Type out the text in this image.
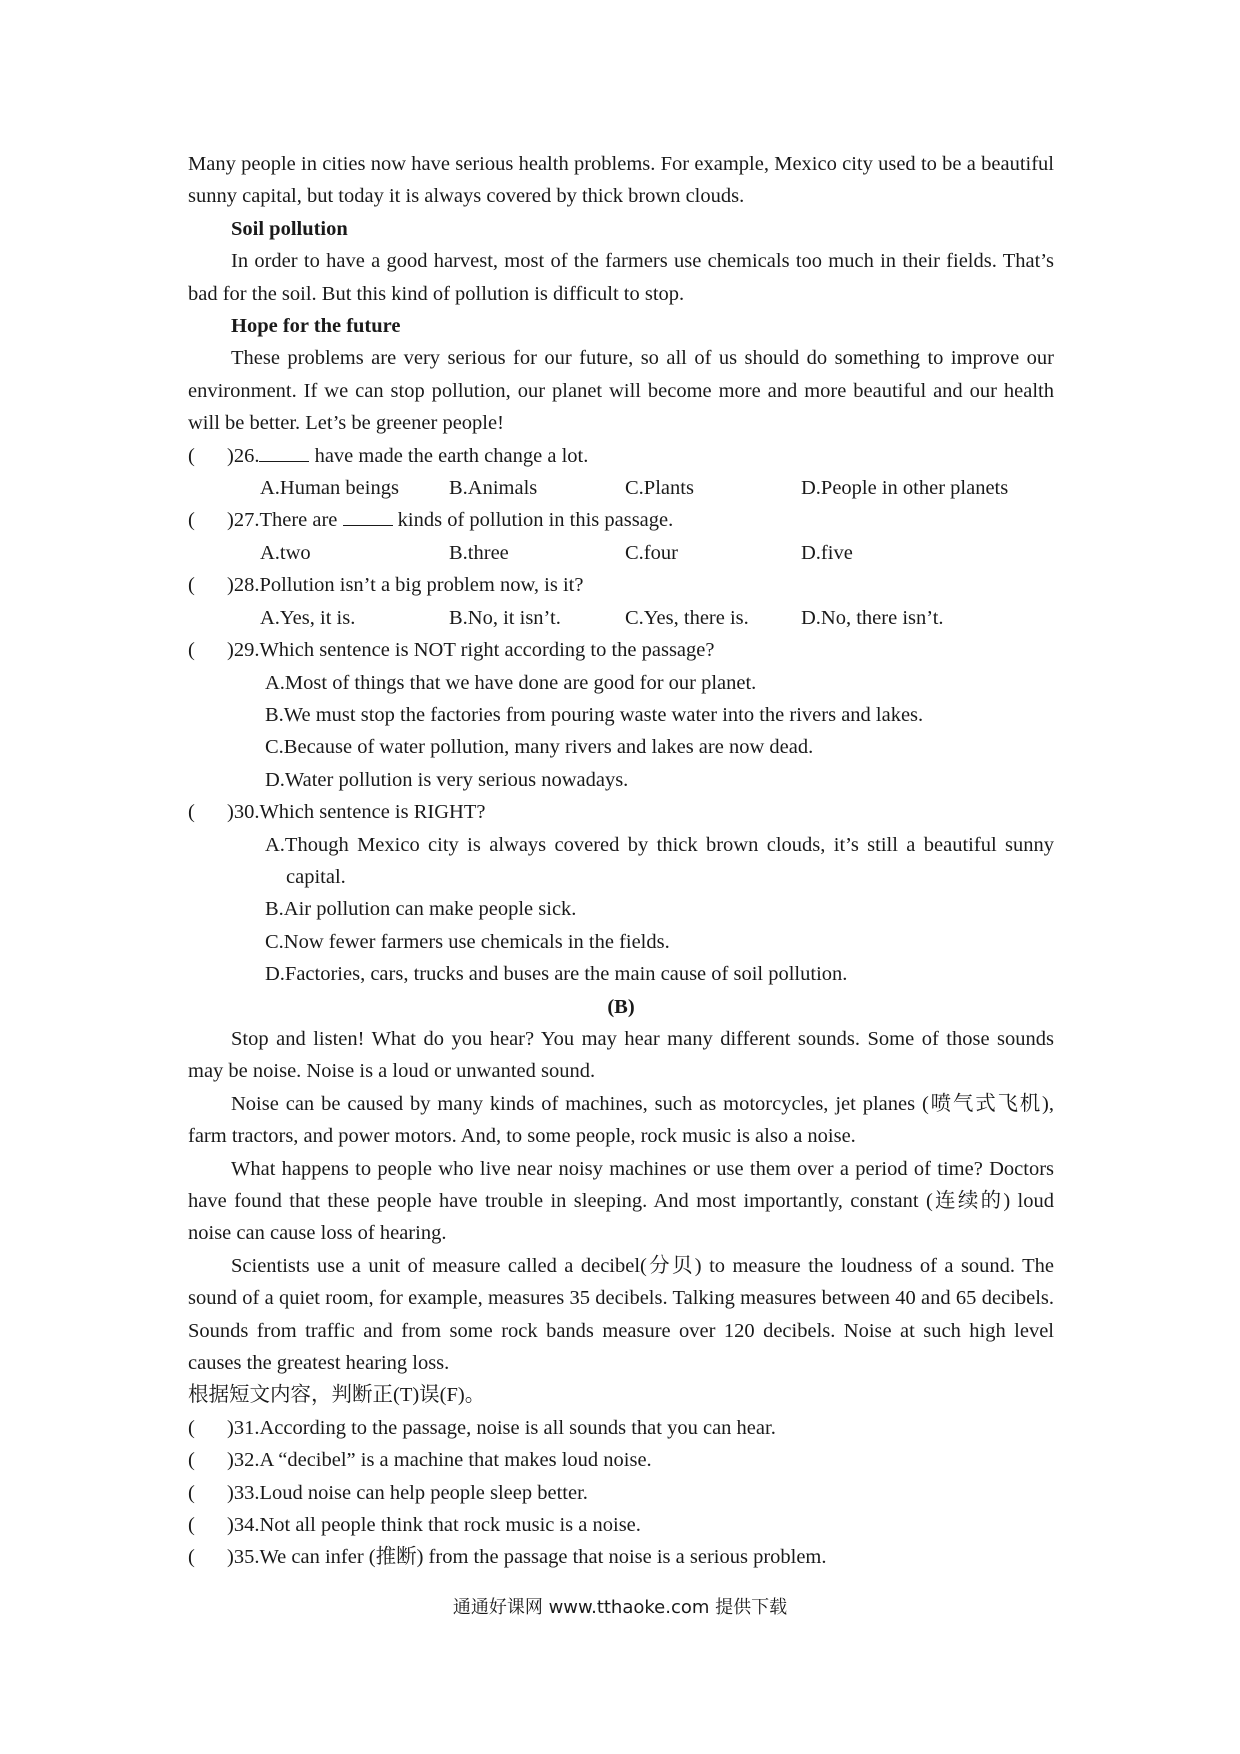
Many people in cities now have serious health problems. For example, Mexico city used to be a beautiful sunny capital, but today it is always covered by thick brown clouds.

Soil pollution

In order to have a good harvest, most of the farmers use chemicals too much in their fields. That’s bad for the soil. But this kind of pollution is difficult to stop.

Hope for the future

These problems are very serious for our future, so all of us should do something to improve our environment. If we can stop pollution, our planet will become more and more beautiful and our health will be better. Let’s be greener people!

( )26. have made the earth change a lot.

A.Human beings	B.Animals	C.Plants	D.People in other planets

( )27.There are  kinds of pollution in this passage.

A.two	B.three	C.four	D.five

( )28.Pollution isn’t a big problem now, is it?

A.Yes, it is.	B.No, it isn’t.	C.Yes, there is.	D.No, there isn’t.

( )29.Which sentence is NOT right according to the passage?

A.Most of things that we have done are good for our planet.

B.We must stop the factories from pouring waste water into the rivers and lakes.

C.Because of water pollution, many rivers and lakes are now dead.

D.Water pollution is very serious nowadays.

( )30.Which sentence is RIGHT?

A.Though Mexico city is always covered by thick brown clouds, it’s still a beautiful sunny capital.

B.Air pollution can make people sick.

C.Now fewer farmers use chemicals in the fields.

D.Factories, cars, trucks and buses are the main cause of soil pollution.

(B)

Stop and listen! What do you hear? You may hear many different sounds. Some of those sounds may be noise. Noise is a loud or unwanted sound.

Noise can be caused by many kinds of machines, such as motorcycles, jet planes (喷气式飞机), farm tractors, and power motors. And, to some people, rock music is also a noise.

What happens to people who live near noisy machines or use them over a period of time? Doctors have found that these people have trouble in sleeping. And most importantly, constant (连续的) loud noise can cause loss of hearing.

Scientists use a unit of measure called a decibel(分贝) to measure the loudness of a sound. The sound of a quiet room, for example, measures 35 decibels. Talking measures between 40 and 65 decibels. Sounds from traffic and from some rock bands measure over 120 decibels. Noise at such high level causes the greatest hearing loss.

根据短文内容，判断正(T)误(F)。

( )31.According to the passage, noise is all sounds that you can hear.

( )32.A “decibel” is a machine that makes loud noise.

( )33.Loud noise can help people sleep better.

( )34.Not all people think that rock music is a noise.

( )35.We can infer (推断) from the passage that noise is a serious problem.

通通好课网 www.tthaoke.com 提供下载
